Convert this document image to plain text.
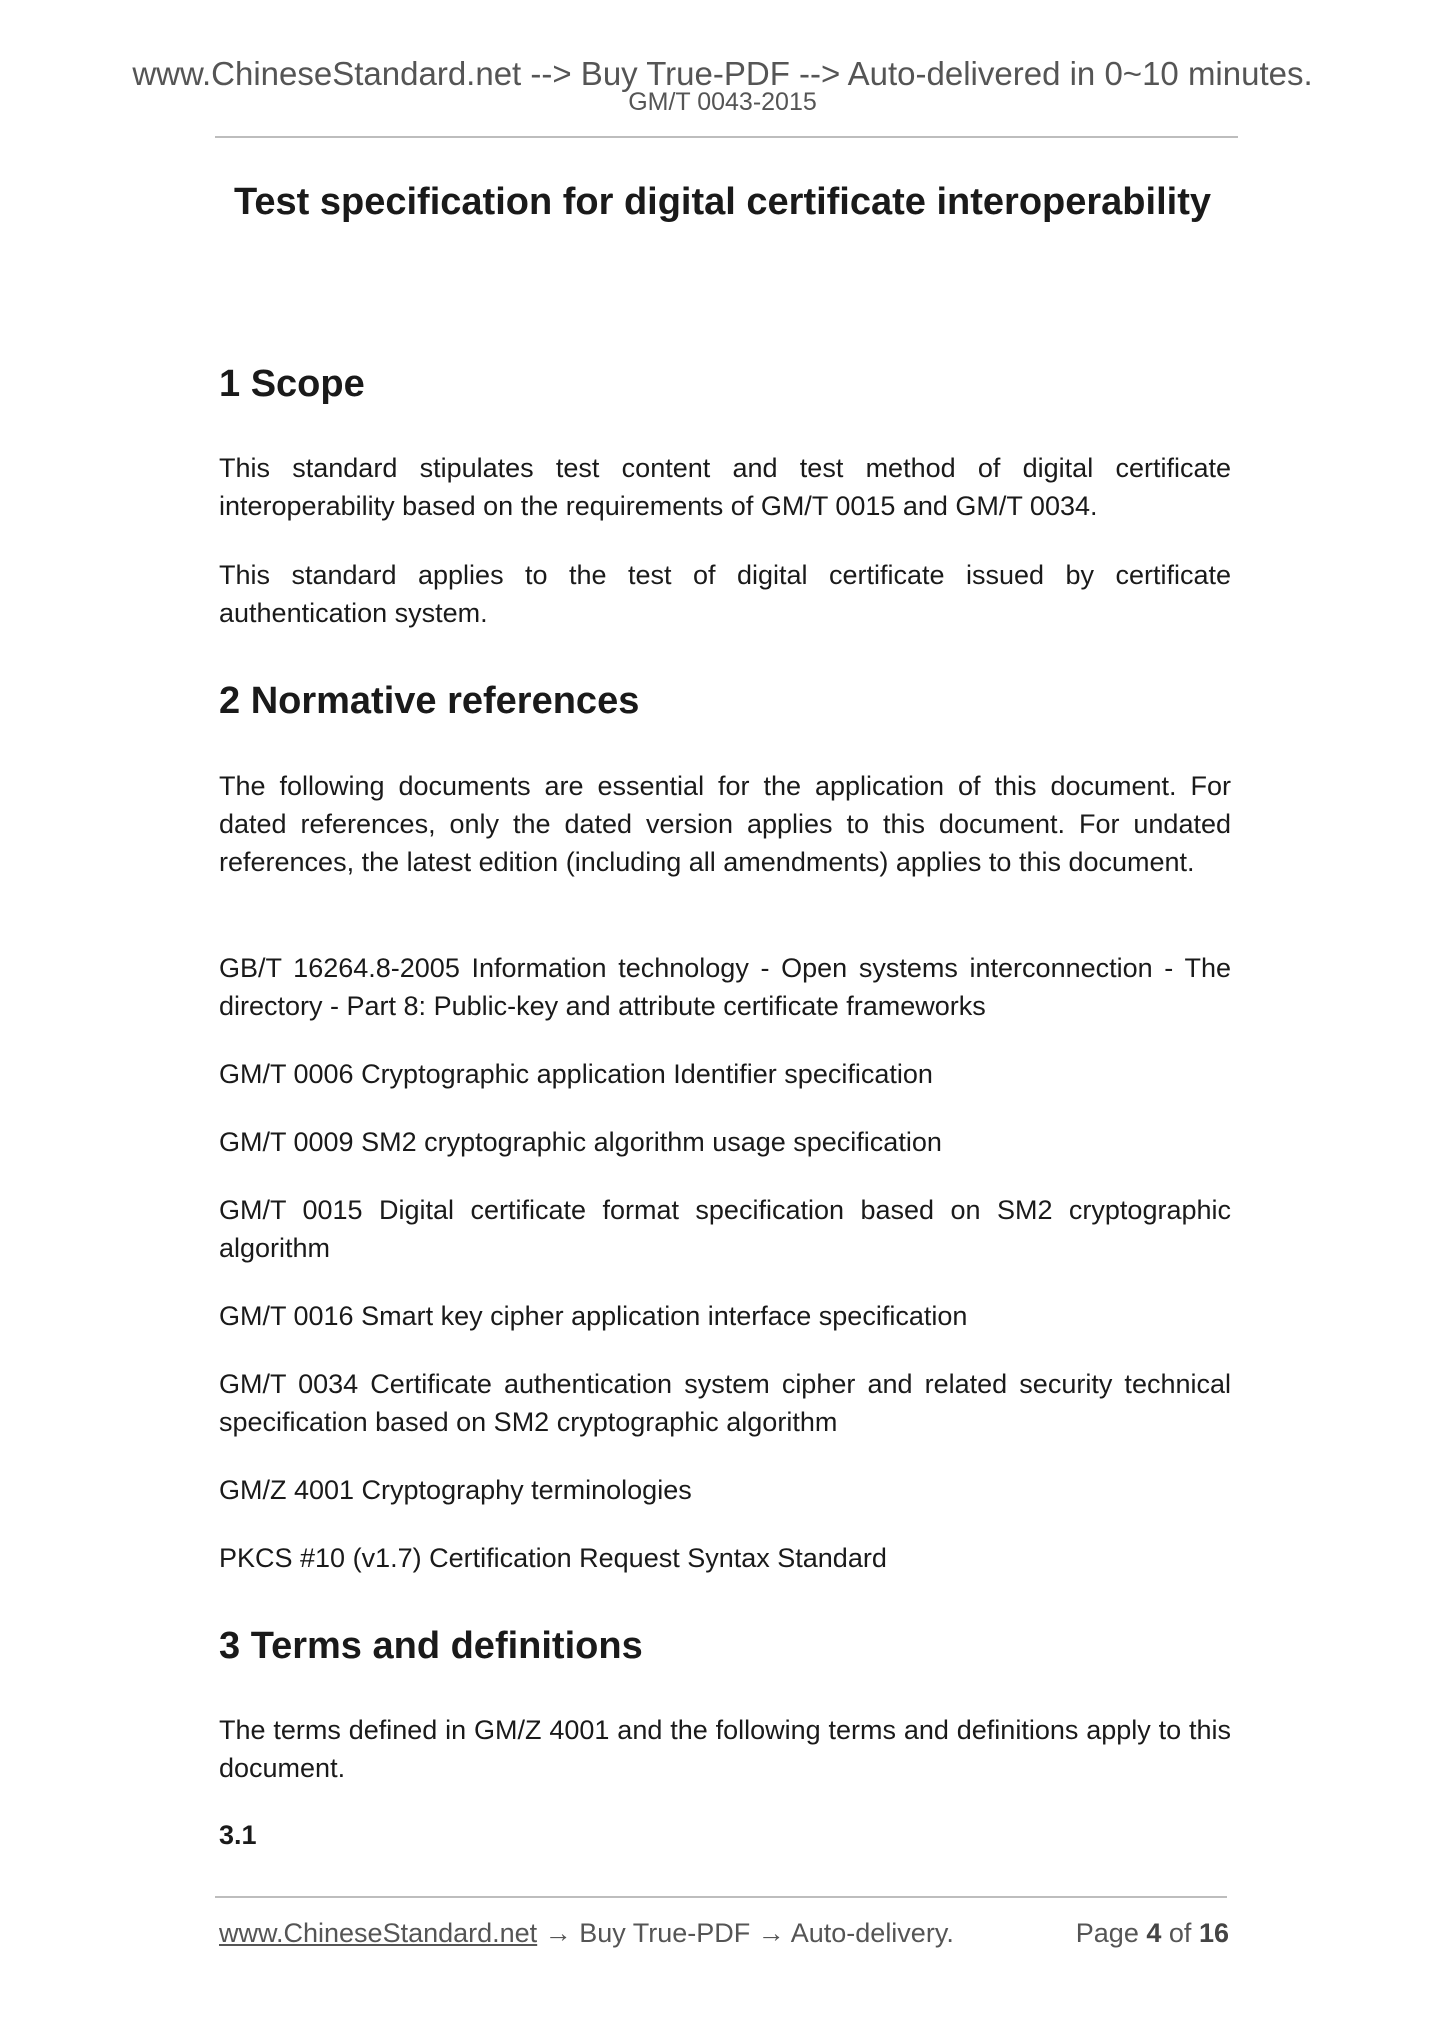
www.ChineseStandard.net --> Buy True-PDF --> Auto-delivered in 0~10 minutes.
GM/T 0043-2015
Test specification for digital certificate interoperability
1 Scope

This standard stipulates test content and test method of digital certificate interoperability based on the requirements of GM/T 0015 and GM/T 0034.

This standard applies to the test of digital certificate issued by certificate authentication system.

2 Normative references

The following documents are essential for the application of this document. For dated references, only the dated version applies to this document. For undated references, the latest edition (including all amendments) applies to this document.

GB/T 16264.8-2005 Information technology - Open systems interconnection - The directory - Part 8: Public-key and attribute certificate frameworks

GM/T 0006 Cryptographic application Identifier specification

GM/T 0009 SM2 cryptographic algorithm usage specification

GM/T 0015 Digital certificate format specification based on SM2 cryptographic algorithm

GM/T 0016 Smart key cipher application interface specification

GM/T 0034 Certificate authentication system cipher and related security technical specification based on SM2 cryptographic algorithm

GM/Z 4001 Cryptography terminologies

PKCS #10 (v1.7) Certification Request Syntax Standard

3 Terms and definitions

The terms defined in GM/Z 4001 and the following terms and definitions apply to this document.

3.1
www.ChineseStandard.net → Buy True-PDF → Auto-delivery.	Page 4 of 16
